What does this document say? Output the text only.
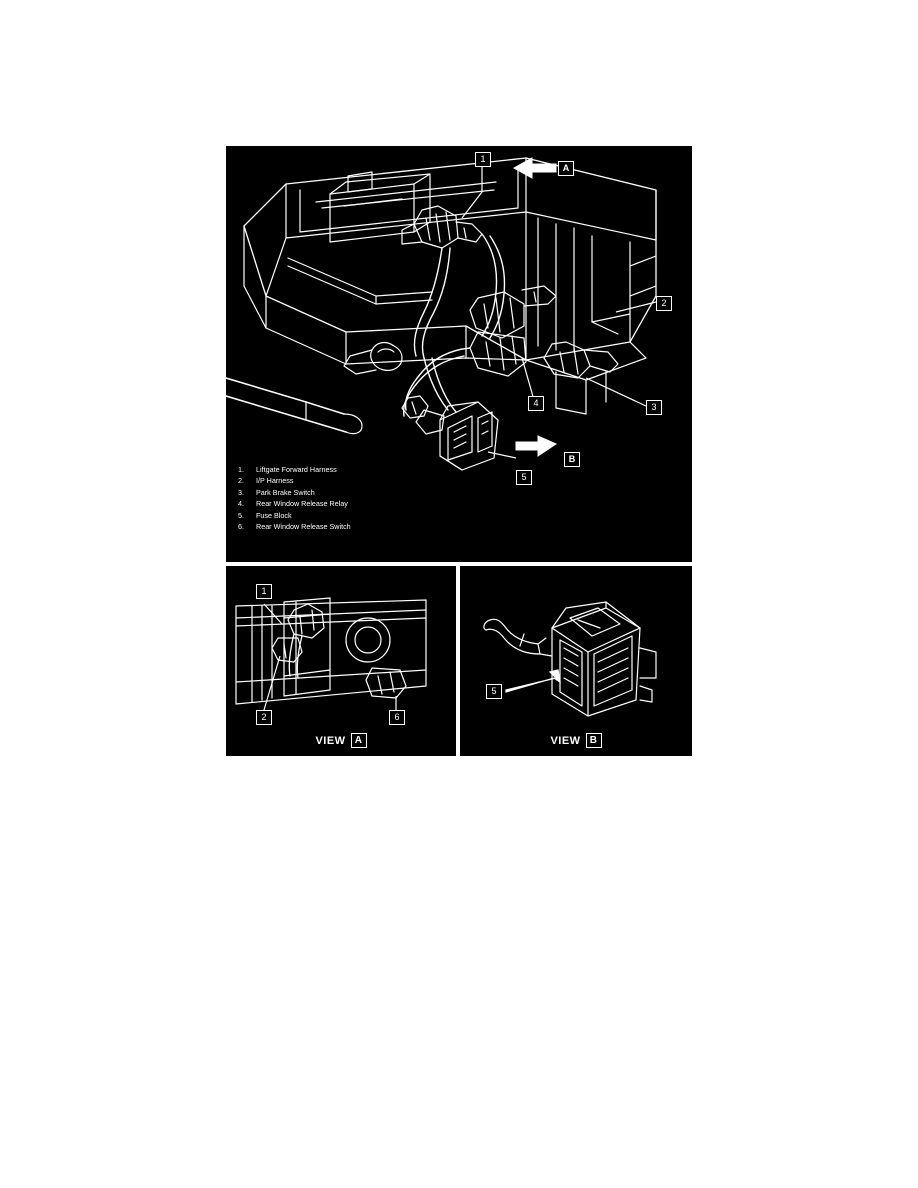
1
2
3
4
5
A
B
1.	Liftgate Forward Harness
2.	I/P Harness
3.	Park Brake Switch
4.	Rear Window Release Relay
5.	Fuse Block
6.	Rear Window Release Switch
1
2	6
VIEW A
5
VIEW B
